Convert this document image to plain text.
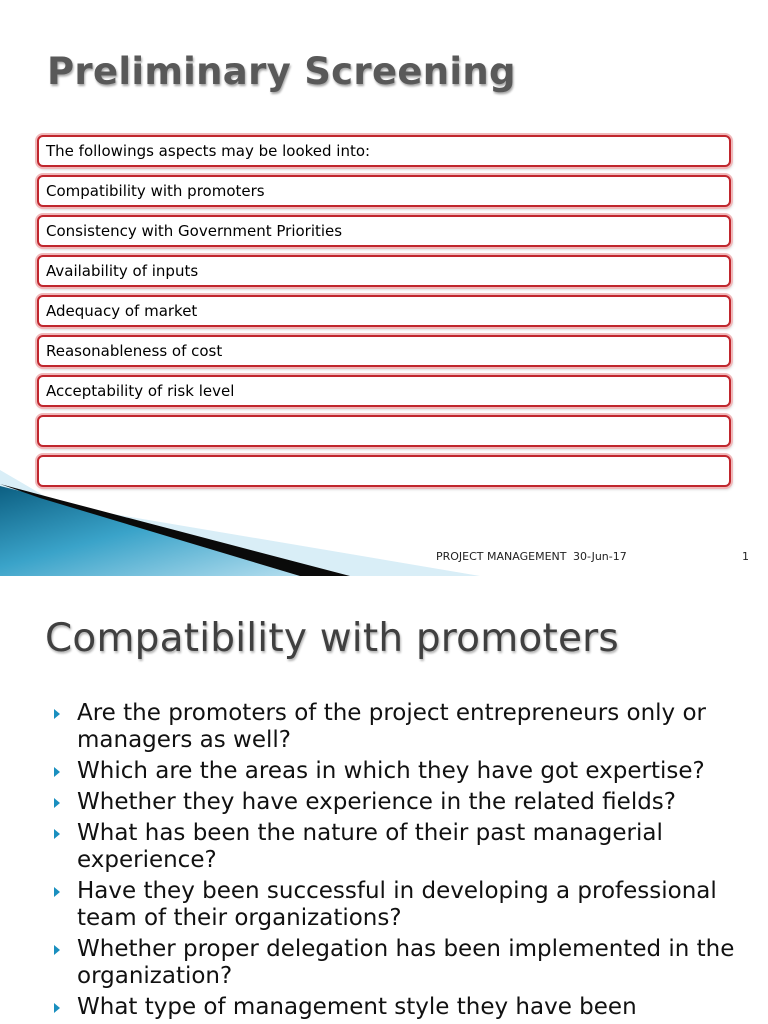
Preliminary Screening
The followings aspects may be looked into:
Compatibility with promoters
Consistency with Government Priorities
Availability of inputs
Adequacy of market
Reasonableness of cost
Acceptability of risk level
PROJECT MANAGEMENT 30-Jun-17	1
Compatibility with promoters
Are the promoters of the project entrepreneurs only or managers as well?
Which are the areas in which they have got expertise?
Whether they have experience in the related fields?
What has been the nature of their past managerial experience?
Have they been successful in developing a professional team of their organizations?
Whether proper delegation has been implemented in the organization?
What type of management style they have been
